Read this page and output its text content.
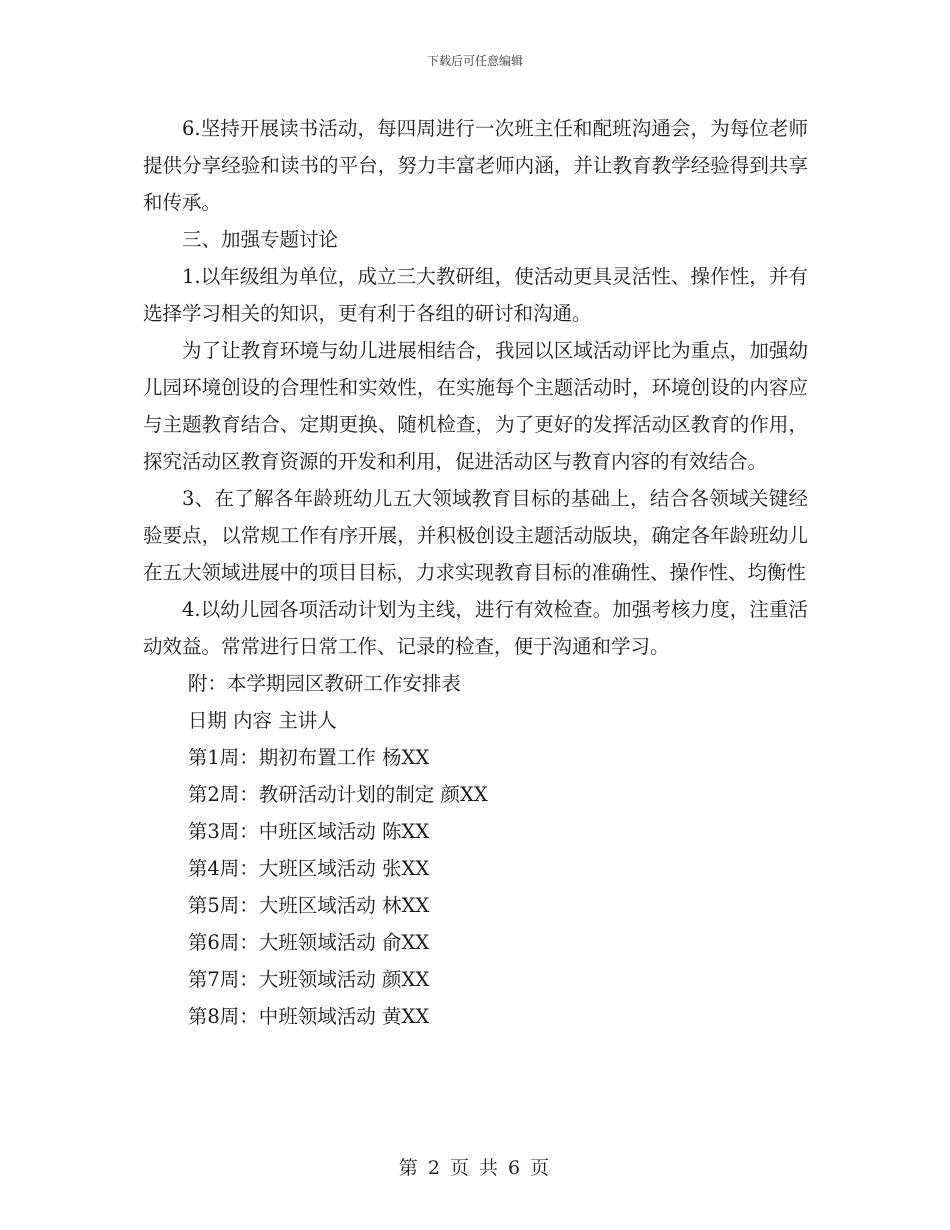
下载后可任意编辑

6.坚持开展读书活动，每四周进行一次班主任和配班沟通会，为每位老师提供分享经验和读书的平台，努力丰富老师内涵，并让教育教学经验得到共享和传承。

三、加强专题讨论

1.以年级组为单位，成立三大教研组，使活动更具灵活性、操作性，并有选择学习相关的知识，更有利于各组的研讨和沟通。

为了让教育环境与幼儿进展相结合，我园以区域活动评比为重点，加强幼儿园环境创设的合理性和实效性，在实施每个主题活动时，环境创设的内容应与主题教育结合、定期更换、随机检查，为了更好的发挥活动区教育的作用，探究活动区教育资源的开发和利用，促进活动区与教育内容的有效结合。

3、在了解各年龄班幼儿五大领域教育目标的基础上，结合各领域关键经验要点，以常规工作有序开展，并积极创设主题活动版块，确定各年龄班幼儿在五大领域进展中的项目目标，力求实现教育目标的准确性、操作性、均衡性

4.以幼儿园各项活动计划为主线，进行有效检查。加强考核力度，注重活动效益。常常进行日常工作、记录的检查，便于沟通和学习。

附：本学期园区教研工作安排表

日期 内容 主讲人

第1周：期初布置工作 杨XX

第2周：教研活动计划的制定 颜XX

第3周：中班区域活动 陈XX

第4周：大班区域活动 张XX

第5周：大班区域活动 林XX

第6周：大班领域活动 俞XX

第7周：大班领域活动 颜XX

第8周：中班领域活动 黄XX

第 2 页 共 6 页
